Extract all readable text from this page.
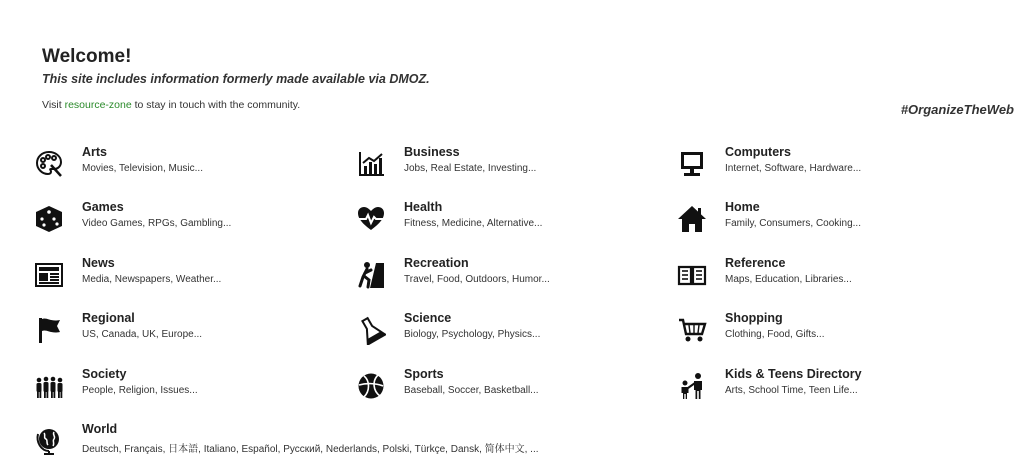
Welcome!
This site includes information formerly made available via DMOZ.
Visit resource-zone to stay in touch with the community.	#OrganizeTheWeb
Arts
Movies, Television, Music...
Business
Jobs, Real Estate, Investing...
Computers
Internet, Software, Hardware...
Games
Video Games, RPGs, Gambling...
Health
Fitness, Medicine, Alternative...
Home
Family, Consumers, Cooking...
News
Media, Newspapers, Weather...
Recreation
Travel, Food, Outdoors, Humor...
Reference
Maps, Education, Libraries...
Regional
US, Canada, UK, Europe...
Science
Biology, Psychology, Physics...
Shopping
Clothing, Food, Gifts...
Society
People, Religion, Issues...
Sports
Baseball, Soccer, Basketball...
Kids & Teens Directory
Arts, School Time, Teen Life...
World
Deutsch, Français, 日本語, Italiano, Español, Русский, Nederlands, Polski, Türkçe, Dansk, 简体中文, ...
